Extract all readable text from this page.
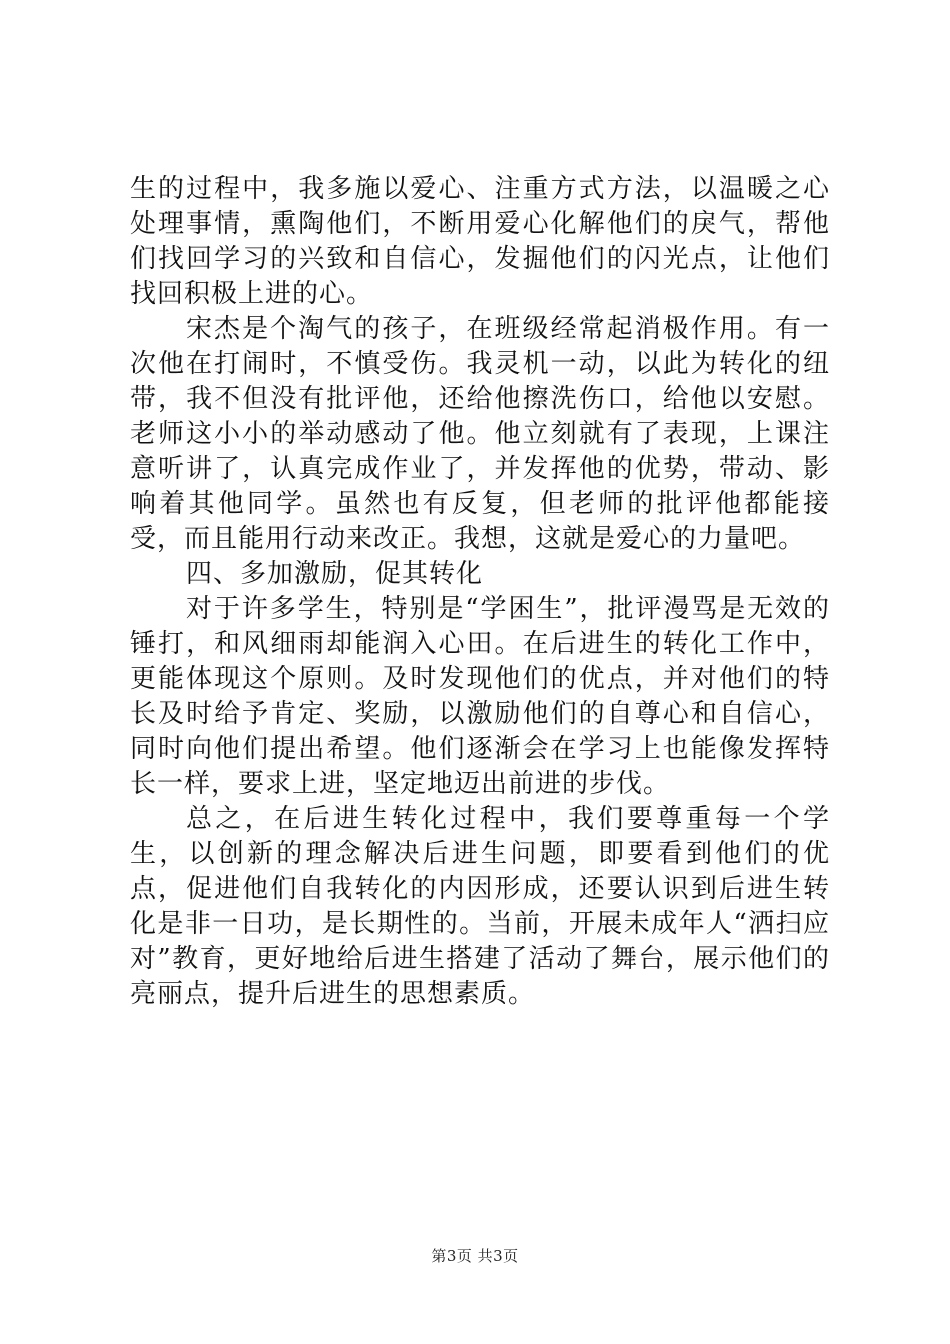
生的过程中，我多施以爱心、注重方式方法，以温暖之心处理事情，熏陶他们，不断用爱心化解他们的戾气，帮他们找回学习的兴致和自信心，发掘他们的闪光点，让他们找回积极上进的心。

宋杰是个淘气的孩子，在班级经常起消极作用。有一次他在打闹时，不慎受伤。我灵机一动，以此为转化的纽带，我不但没有批评他，还给他擦洗伤口，给他以安慰。老师这小小的举动感动了他。他立刻就有了表现，上课注意听讲了，认真完成作业了，并发挥他的优势，带动、影响着其他同学。虽然也有反复，但老师的批评他都能接受，而且能用行动来改正。我想，这就是爱心的力量吧。

四、多加激励，促其转化

对于许多学生，特别是“学困生”，批评漫骂是无效的锤打，和风细雨却能润入心田。在后进生的转化工作中，更能体现这个原则。及时发现他们的优点，并对他们的特长及时给予肯定、奖励，以激励他们的自尊心和自信心，同时向他们提出希望。他们逐渐会在学习上也能像发挥特长一样，要求上进，坚定地迈出前进的步伐。

总之，在后进生转化过程中，我们要尊重每一个学生，以创新的理念解决后进生问题，即要看到他们的优点，促进他们自我转化的内因形成，还要认识到后进生转化是非一日功，是长期性的。当前，开展未成年人“洒扫应对”教育，更好地给后进生搭建了活动了舞台，展示他们的亮丽点，提升后进生的思想素质。

第3页 共3页
